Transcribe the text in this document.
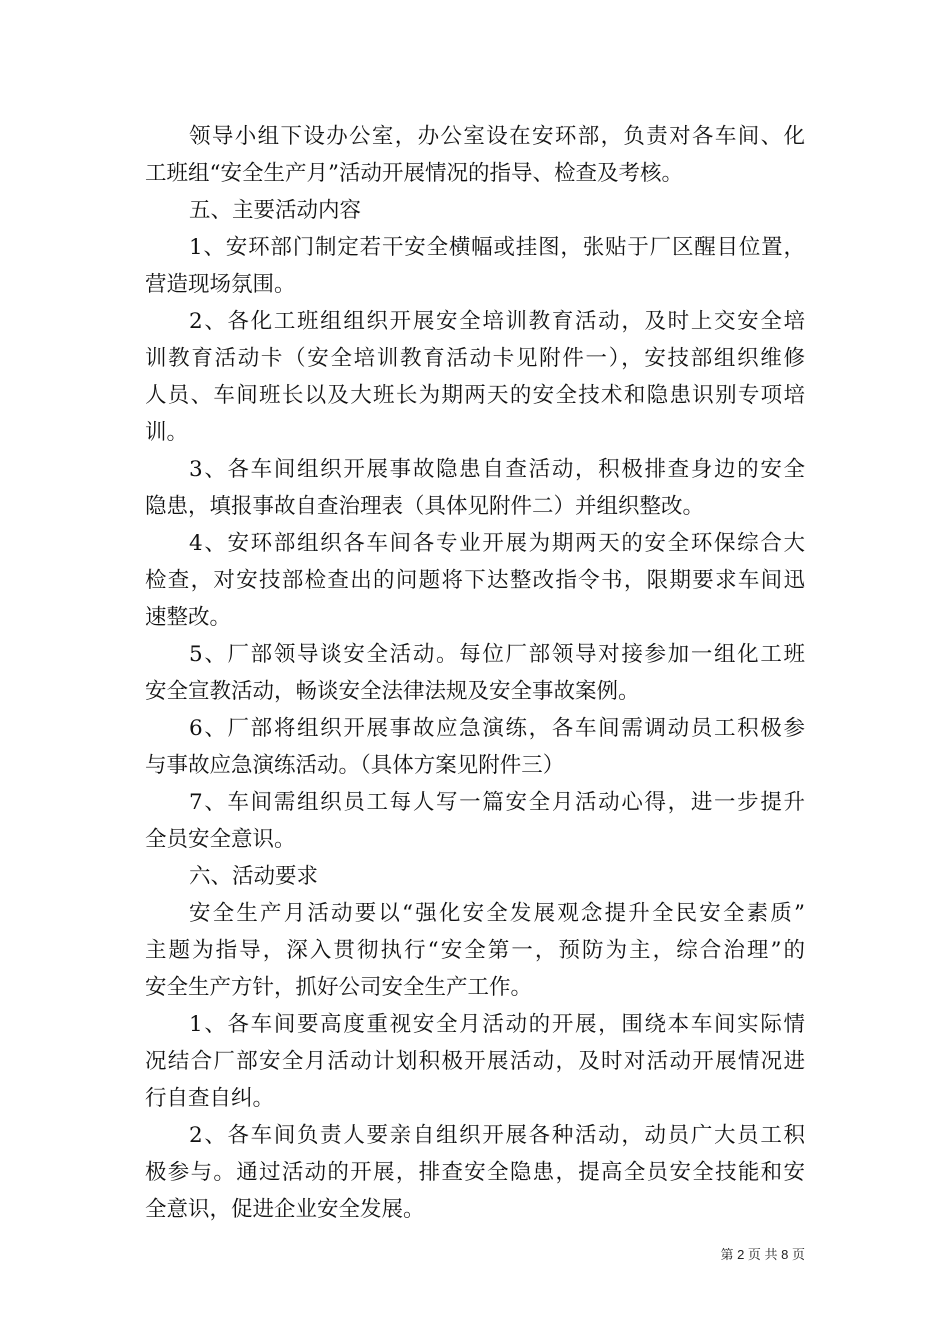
领导小组下设办公室，办公室设在安环部，负责对各车间、化
工班组“安全生产月”活动开展情况的指导、检查及考核。
五、主要活动内容
1、安环部门制定若干安全横幅或挂图，张贴于厂区醒目位置，
营造现场氛围。
2、各化工班组组织开展安全培训教育活动，及时上交安全培
训教育活动卡（安全培训教育活动卡见附件一），安技部组织维修
人员、车间班长以及大班长为期两天的安全技术和隐患识别专项培
训。
3、各车间组织开展事故隐患自查活动，积极排查身边的安全
隐患，填报事故自查治理表（具体见附件二）并组织整改。
4、安环部组织各车间各专业开展为期两天的安全环保综合大
检查，对安技部检查出的问题将下达整改指令书，限期要求车间迅
速整改。
5、厂部领导谈安全活动。每位厂部领导对接参加一组化工班
安全宣教活动，畅谈安全法律法规及安全事故案例。
6、厂部将组织开展事故应急演练，各车间需调动员工积极参
与事故应急演练活动。（具体方案见附件三）
7、车间需组织员工每人写一篇安全月活动心得，进一步提升
全员安全意识。
六、活动要求
安全生产月活动要以“强化安全发展观念提升全民安全素质”
主题为指导，深入贯彻执行“安全第一，预防为主，综合治理”的
安全生产方针，抓好公司安全生产工作。
1、各车间要高度重视安全月活动的开展，围绕本车间实际情
况结合厂部安全月活动计划积极开展活动，及时对活动开展情况进
行自查自纠。
2、各车间负责人要亲自组织开展各种活动，动员广大员工积
极参与。通过活动的开展，排查安全隐患，提高全员安全技能和安
全意识，促进企业安全发展。
第 2 页 共 8 页
